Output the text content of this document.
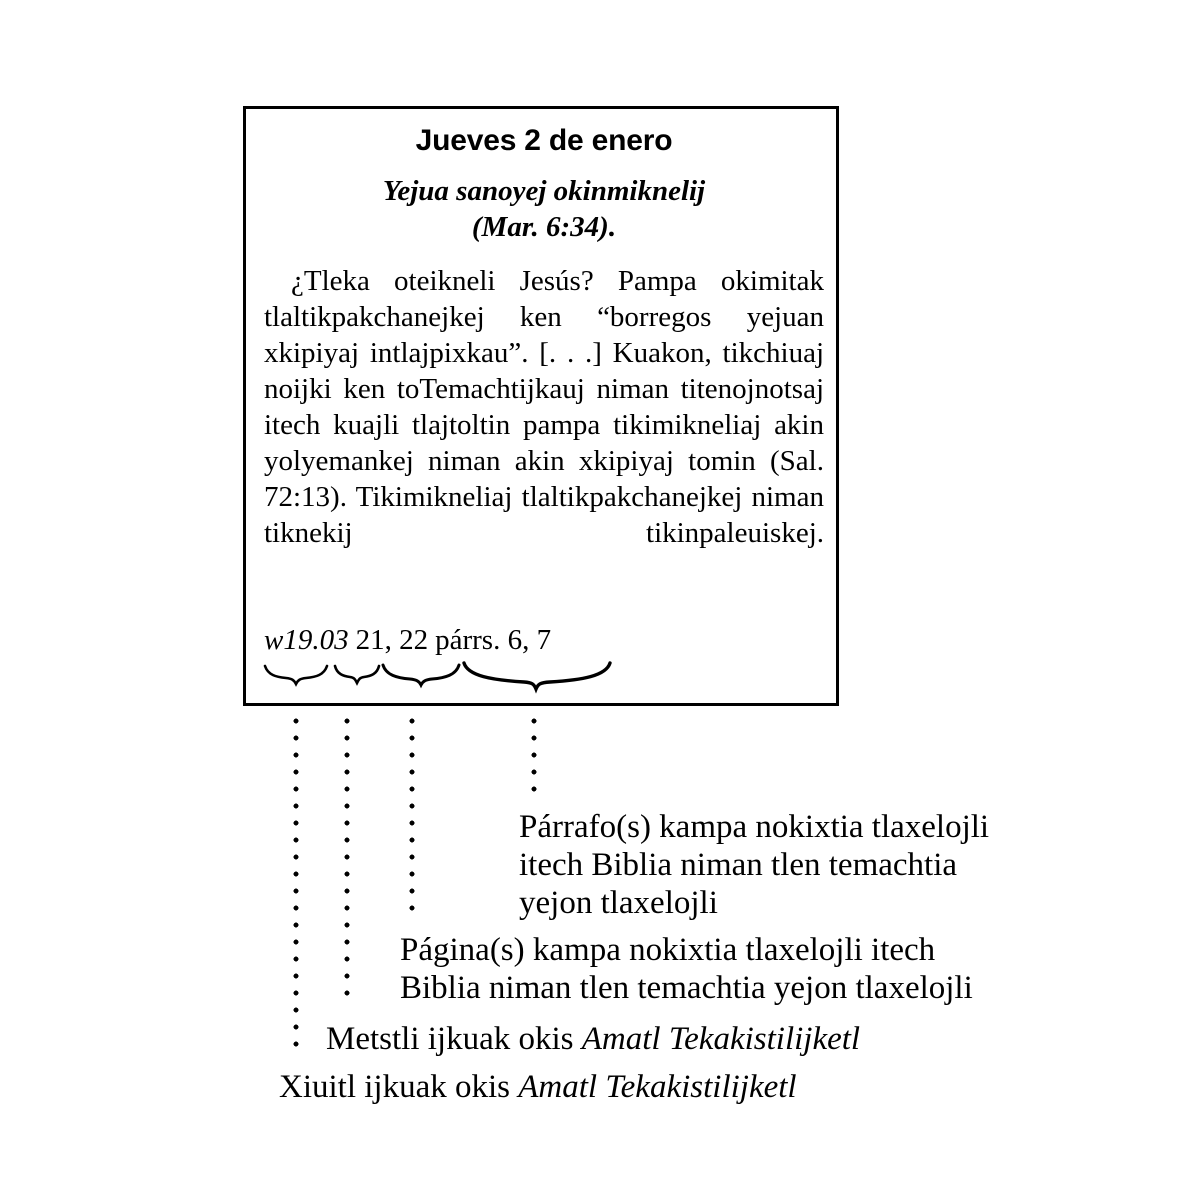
Jueves 2 de enero
Yejua sanoyej okinmiknelij
(Mar. 6:34).

¿Tleka oteikneli Jesús? Pampa okimitak tlaltikpakchanejkej ken “borregos yejuan xkipiyaj intlajpixkau”. [. . .] Kuakon, tikchiuaj noijki ken toTemachtijkauj niman titenojnotsaj itech kuajli tlajtoltin pampa tikimikneliaj akin yolyemankej niman akin xkipiyaj tomin (Sal. 72:13). Tikimikneliaj tlaltikpakchanejkej niman tiknekij tikinpaleuiskej.

w19.03 21, 22 párrs. 6, 7
Párrafo(s) kampa nokixtia tlaxelojli
itech Biblia niman tlen temachtia
yejon tlaxelojli
Página(s) kampa nokixtia tlaxelojli itech
Biblia niman tlen temachtia yejon tlaxelojli
Metstli ijkuak okis Amatl Tekakistilijketl
Xiuitl ijkuak okis Amatl Tekakistilijketl
